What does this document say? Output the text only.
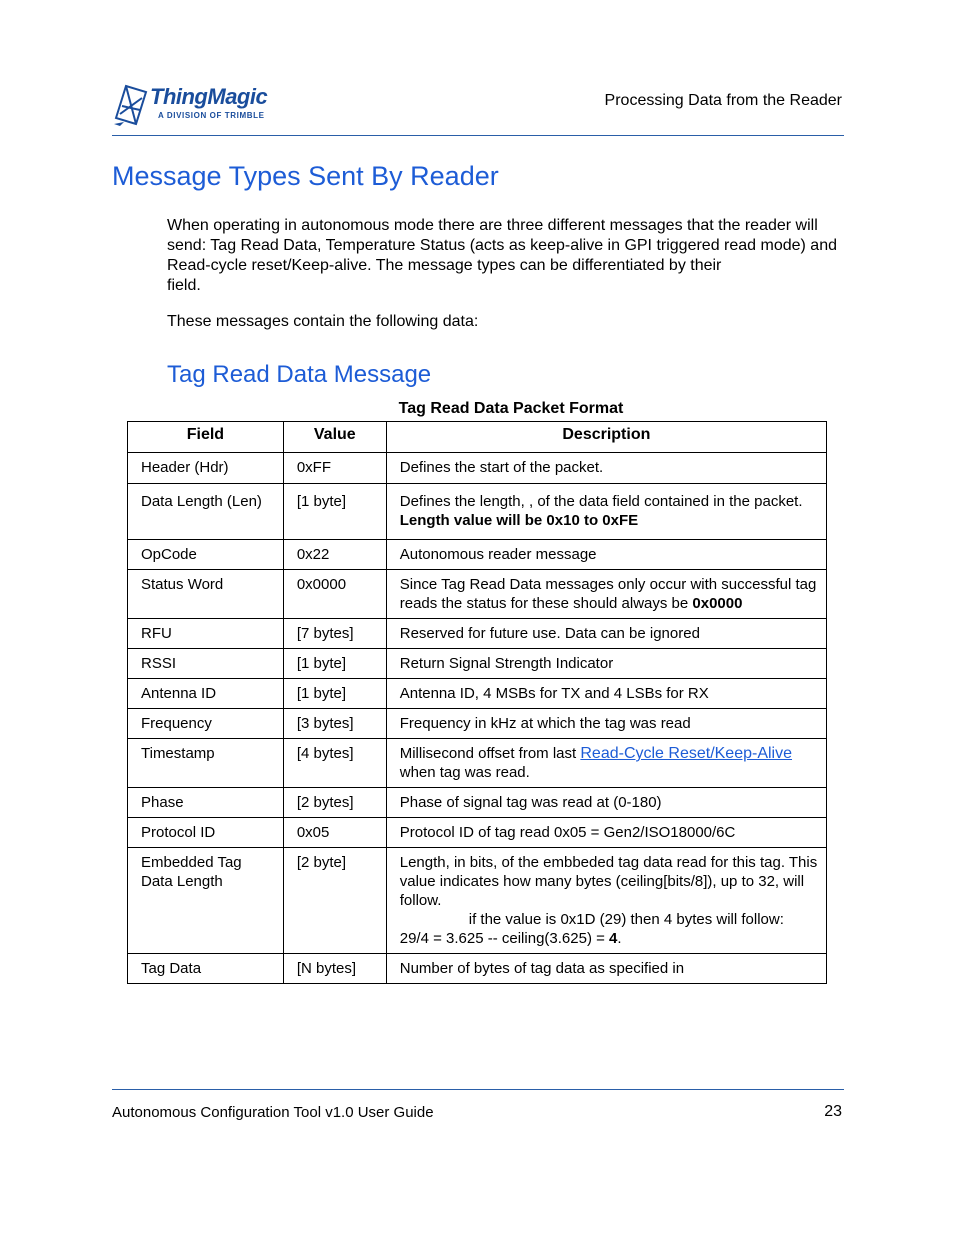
ThingMagic
A DIVISION OF TRIMBLE
Processing Data from the Reader
Message Types Sent By Reader
When operating in autonomous mode there are three different messages that the reader will send: Tag Read Data, Temperature Status (acts as keep-alive in GPI triggered read mode) and Read-cycle reset/Keep-alive. The message types can be differentiated by theirfield.
These messages contain the following data:
Tag Read Data Message
Tag Read Data Packet Format
Field	Value	Description
Header (Hdr)	0xFF	Defines the start of the packet.
Data Length (Len)	[1 byte]	Defines the length, , of the data field contained in the packet. Length value will be 0x10 to 0xFE
OpCode	0x22	Autonomous reader message
Status Word	0x0000	Since Tag Read Data messages only occur with successful tag reads the status for these should always be 0x0000
RFU	[7 bytes]	Reserved for future use. Data can be ignored
RSSI	[1 byte]	Return Signal Strength Indicator
Antenna ID	[1 byte]	Antenna ID, 4 MSBs for TX and 4 LSBs for RX
Frequency	[3 bytes]	Frequency in kHz at which the tag was read
Timestamp	[4 bytes]	Millisecond offset from last Read-Cycle Reset/Keep-Alive when tag was read.
Phase	[2 bytes]	Phase of signal tag was read at (0-180)
Protocol ID	0x05	Protocol ID of tag read 0x05 = Gen2/ISO18000/6C
Embedded Tag
Data Length	[2 byte]	Length, in bits, of the embbeded tag data read for this tag. This value indicates how many bytes (ceiling[bits/8]), up to 32, will follow.
if the value is 0x1D (29) then 4 bytes will follow:
29/4 = 3.625 -- ceiling(3.625) = 4.
Tag Data	[N bytes]	Number of bytes of tag data as specified in
Autonomous Configuration Tool v1.0 User Guide	23
